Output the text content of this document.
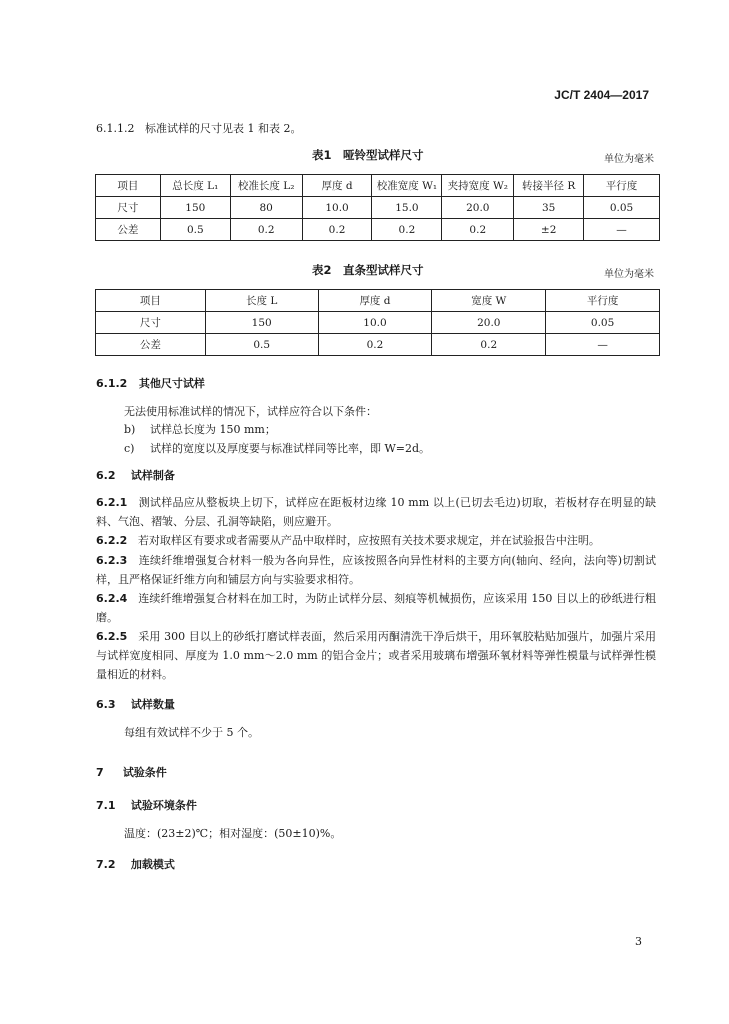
JC/T 2404—2017
6.1.1.2 标准试样的尺寸见表 1 和表 2。
表1　哑铃型试样尺寸	单位为毫米
项目	总长度 L₁	校准长度 L₂	厚度 d	校准宽度 W₁	夹持宽度 W₂	转接半径 R	平行度
尺寸	150	80	10.0	15.0	20.0	35	0.05
公差	0.5	0.2	0.2	0.2	0.2	±2	—
表2　直条型试样尺寸	单位为毫米
项目	长度 L	厚度 d	宽度 W	平行度
尺寸	150	10.0	20.0	0.05
公差	0.5	0.2	0.2	—
6.1.2 其他尺寸试样
无法使用标准试样的情况下，试样应符合以下条件：
b) 试样总长度为 150 mm；
c) 试样的宽度以及厚度要与标准试样同等比率，即 W=2d。
6.2 试样制备
6.2.1 测试样品应从整板块上切下，试样应在距板材边缘 10 mm 以上(已切去毛边)切取，若板材存在明显的缺料、气泡、褶皱、分层、孔洞等缺陷，则应避开。
6.2.2 若对取样区有要求或者需要从产品中取样时，应按照有关技术要求规定，并在试验报告中注明。
6.2.3 连续纤维增强复合材料一般为各向异性，应该按照各向异性材料的主要方向(轴向、经向，法向等)切割试样，且严格保证纤维方向和铺层方向与实验要求相符。
6.2.4 连续纤维增强复合材料在加工时，为防止试样分层、刻痕等机械损伤，应该采用 150 目以上的砂纸进行粗磨。
6.2.5 采用 300 目以上的砂纸打磨试样表面，然后采用丙酮清洗干净后烘干，用环氧胶粘贴加强片，加强片采用与试样宽度相同、厚度为 1.0 mm～2.0 mm 的铝合金片；或者采用玻璃布增强环氧材料等弹性模量与试样弹性模量相近的材料。
6.3 试样数量
每组有效试样不少于 5 个。
7 试验条件
7.1 试验环境条件
温度：(23±2)℃；相对湿度：(50±10)%。
7.2 加载模式
3
